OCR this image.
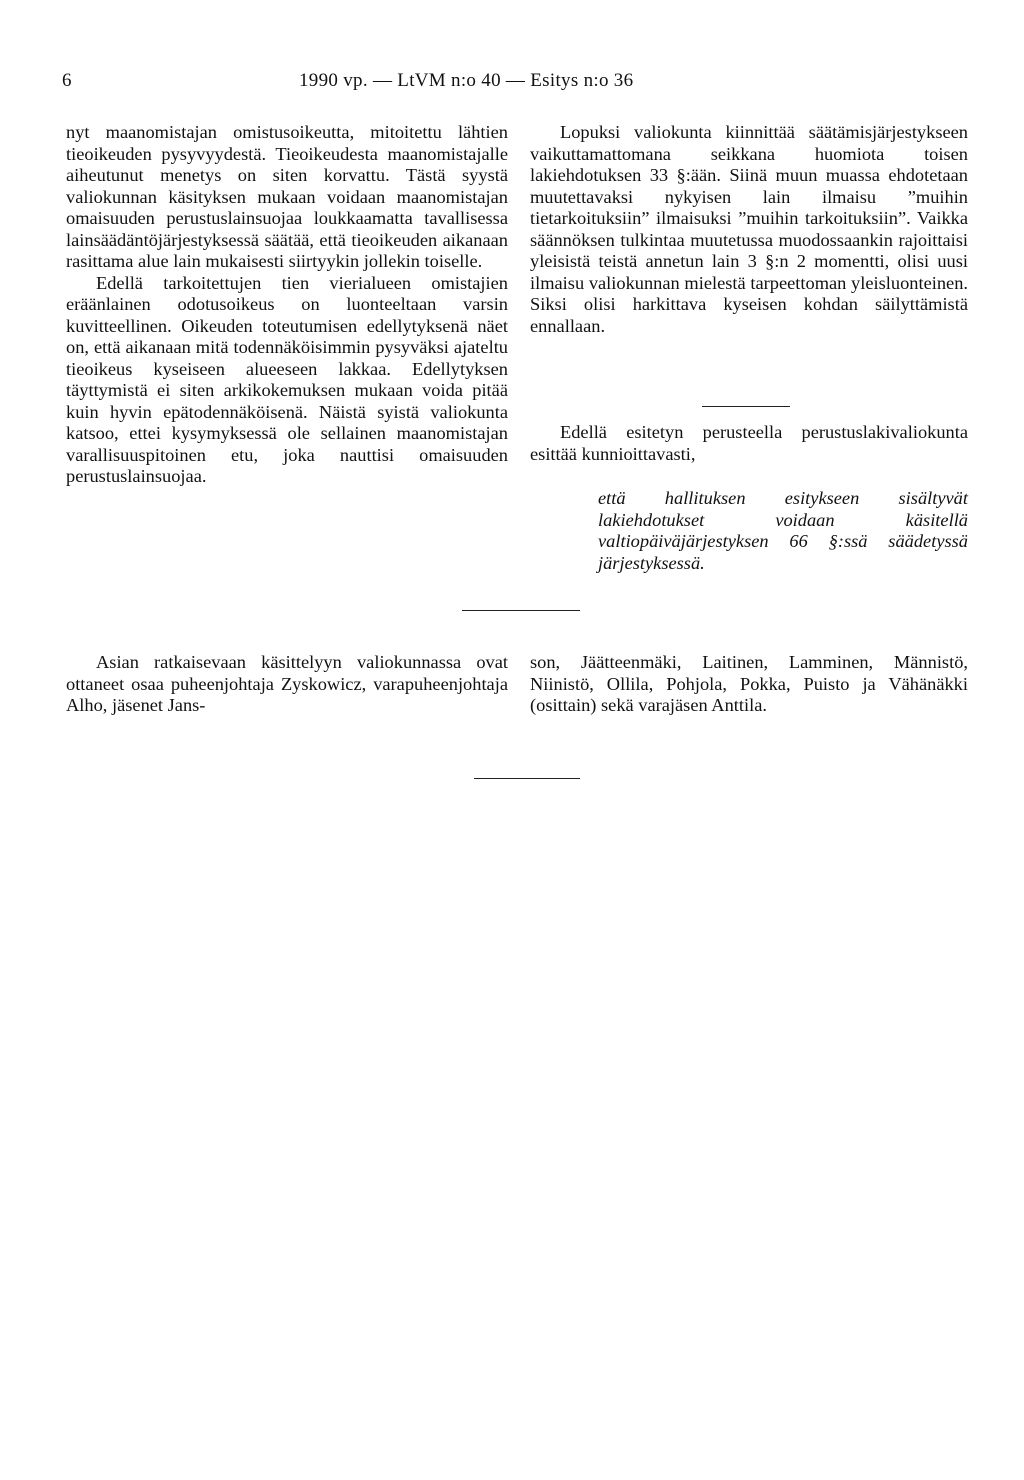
6	1990 vp. — LtVM n:o 40 — Esitys n:o 36

nyt maanomistajan omistusoikeutta, mitoitettu lähtien tieoikeuden pysyvyydestä. Tieoikeudesta maanomistajalle aiheutunut menetys on siten korvattu. Tästä syystä valiokunnan käsityksen mukaan voidaan maanomistajan omaisuuden perustuslainsuojaa loukkaamatta tavallisessa lainsäädäntöjärjestyksessä säätää, että tieoikeuden aikanaan rasittama alue lain mukaisesti siirtyykin jollekin toiselle.

Edellä tarkoitettujen tien vierialueen omistajien eräänlainen odotusoikeus on luonteeltaan varsin kuvitteellinen. Oikeuden toteutumisen edellytyksenä näet on, että aikanaan mitä todennäköisimmin pysyväksi ajateltu tieoikeus kyseiseen alueeseen lakkaa. Edellytyksen täyttymistä ei siten arkikokemuksen mukaan voida pitää kuin hyvin epätodennäköisenä. Näistä syistä valiokunta katsoo, ettei kysymyksessä ole sellainen maanomistajan varallisuuspitoinen etu, joka nauttisi omaisuuden perustuslainsuojaa.

Lopuksi valiokunta kiinnittää säätämisjärjestykseen vaikuttamattomana seikkana huomiota toisen lakiehdotuksen 33 §:ään. Siinä muun muassa ehdotetaan muutettavaksi nykyisen lain ilmaisu ”muihin tietarkoituksiin” ilmaisuksi ”muihin tarkoituksiin”. Vaikka säännöksen tulkintaa muutetussa muodossaankin rajoittaisi yleisistä teistä annetun lain 3 §:n 2 momentti, olisi uusi ilmaisu valiokunnan mielestä tarpeettoman yleisluonteinen. Siksi olisi harkittava kyseisen kohdan säilyttämistä ennallaan.

Edellä esitetyn perusteella perustuslakivaliokunta esittää kunnioittavasti,

että hallituksen esitykseen sisältyvät lakiehdotukset voidaan käsitellä valtiopäiväjärjestyksen 66 §:ssä säädetyssä järjestyksessä.

Asian ratkaisevaan käsittelyyn valiokunnassa ovat ottaneet osaa puheenjohtaja Zyskowicz, varapuheenjohtaja Alho, jäsenet Jans-

son, Jäätteenmäki, Laitinen, Lamminen, Männistö, Niinistö, Ollila, Pohjola, Pokka, Puisto ja Vähänäkki (osittain) sekä varajäsen Anttila.
